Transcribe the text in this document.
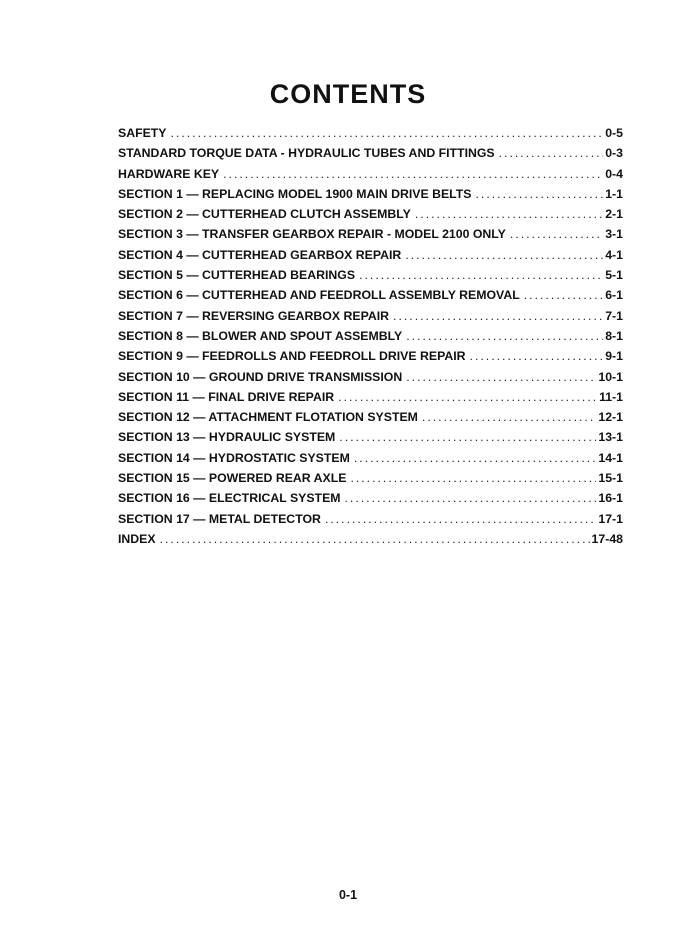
CONTENTS
SAFETY .....	0-5
STANDARD TORQUE DATA - HYDRAULIC TUBES AND FITTINGS .....	0-3
HARDWARE KEY .....	0-4
SECTION 1 — REPLACING MODEL 1900 MAIN DRIVE BELTS .....	1-1
SECTION 2 — CUTTERHEAD CLUTCH ASSEMBLY .....	2-1
SECTION 3 — TRANSFER GEARBOX REPAIR - MODEL 2100 ONLY .....	3-1
SECTION 4 — CUTTERHEAD GEARBOX REPAIR .....	4-1
SECTION 5 — CUTTERHEAD BEARINGS .....	5-1
SECTION 6 — CUTTERHEAD AND FEEDROLL ASSEMBLY REMOVAL .....	6-1
SECTION 7 — REVERSING GEARBOX REPAIR .....	7-1
SECTION 8 — BLOWER AND SPOUT ASSEMBLY .....	8-1
SECTION 9 — FEEDROLLS AND FEEDROLL DRIVE REPAIR .....	9-1
SECTION 10 — GROUND DRIVE TRANSMISSION .....	10-1
SECTION 11 — FINAL DRIVE REPAIR .....	11-1
SECTION 12 — ATTACHMENT FLOTATION SYSTEM .....	12-1
SECTION 13 — HYDRAULIC SYSTEM .....	13-1
SECTION 14 — HYDROSTATIC SYSTEM .....	14-1
SECTION 15 — POWERED REAR AXLE .....	15-1
SECTION 16 — ELECTRICAL SYSTEM .....	16-1
SECTION 17 — METAL DETECTOR .....	17-1
INDEX .....	17-48
0-1
